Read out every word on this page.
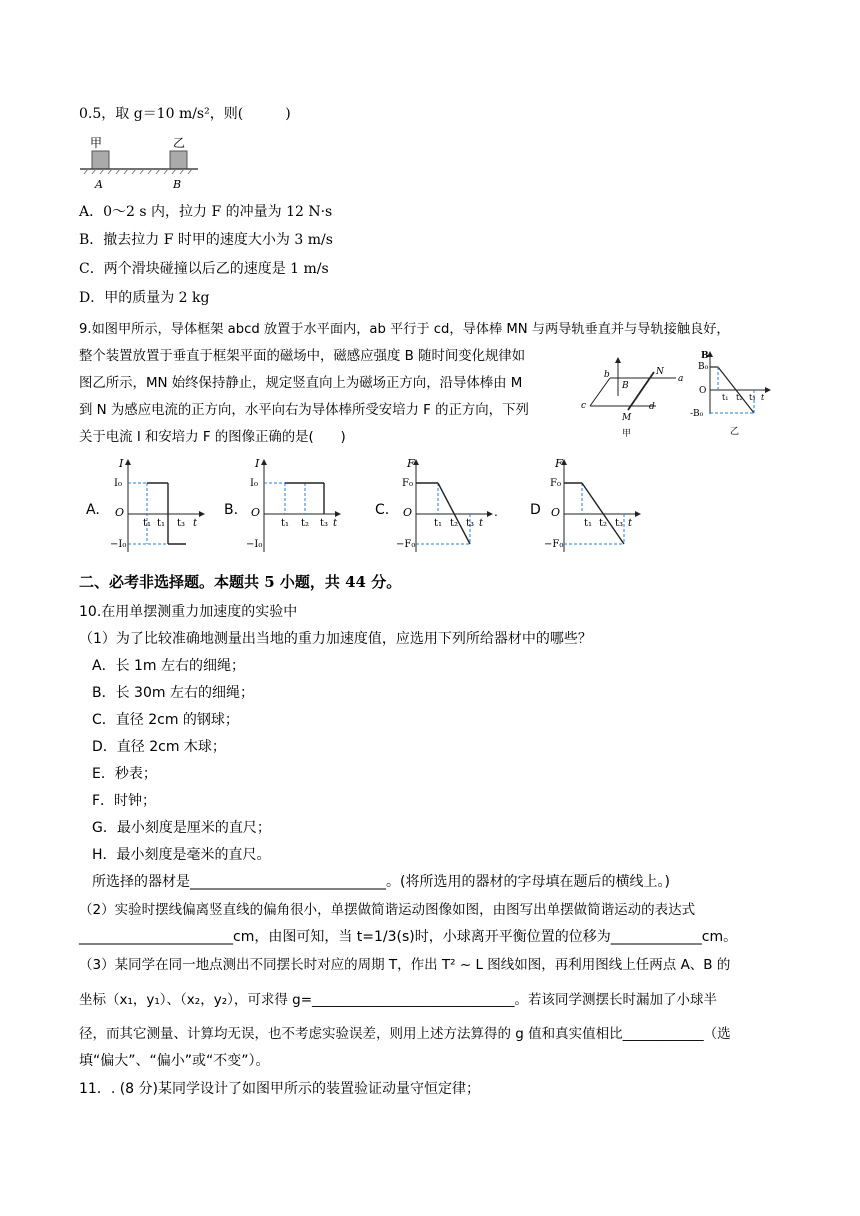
0.5，取 g＝10 m/s²，则(　　　)
甲	乙
A	B
A．0～2 s 内，拉力 F 的冲量为 12 N·s
B．撤去拉力 F 时甲的速度大小为 3 m/s
C．两个滑块碰撞以后乙的速度是 1 m/s
D．甲的质量为 2 kg
9.如图甲所示，导体框架 abcd 放置于水平面内，ab 平行于 cd，导体棒 MN 与两导轨垂直并与导轨接触良好，
整个装置放置于垂直于框架平面的磁场中，磁感应强度 B 随时间变化规律如
图乙所示，MN 始终保持静止，规定竖直向上为磁场正方向，沿导体棒由 M
到 N 为感应电流的正方向，水平向右为导体棒所受安培力 F 的正方向，下列
关于电流 I 和安培力 F 的图像正确的是(　　)
b	N
a
B
c
M
d
甲
B
B₀
O
-B₀
t₁ t₂ t₃ t
乙
A.
I
I₀
−I₀
O
t₁ t₁ t₃ t
B.
I
I₀
−I₀
O
t₁ t₂ t₃ t
C.
F
F₀
−F₀
O
t₁ t₂ t₃ t
. D
F
F₀
−F₀
O
t₁ t₂ t₃ t
二、必考非选择题。本题共 5 小题，共 44 分。
10.在用单摆测重力加速度的实验中
（1）为了比较准确地测量出当地的重力加速度值，应选用下列所给器材中的哪些？
A．长 1m 左右的细绳；
B．长 30m 左右的细绳；
C．直径 2cm 的钢球；
D．直径 2cm 木球；
E．秒表；
F．时钟；
G．最小刻度是厘米的直尺；
H．最小刻度是毫米的直尺。
所选择的器材是____________________________。(将所选用的器材的字母填在题后的横线上。)
（2）实验时摆线偏离竖直线的偏角很小，单摆做简谐运动图像如图，由图写出单摆做简谐运动的表达式
______________________cm，由图可知，当 t=1/3(s)时，小球离开平衡位置的位移为_____________cm。
（3）某同学在同一地点测出不同摆长时对应的周期 T，作出 T² ~ L 图线如图，再利用图线上任两点 A、B 的
坐标（x₁，y₁）、（x₂，y₂），可求得 g=______________________________。若该同学测摆长时漏加了小球半
径，而其它测量、计算均无误，也不考虑实验误差，则用上述方法算得的 g 值和真实值相比____________（选
填“偏大”、“偏小”或“不变”）。
11．. (8 分)某同学设计了如图甲所示的装置验证动量守恒定律；
